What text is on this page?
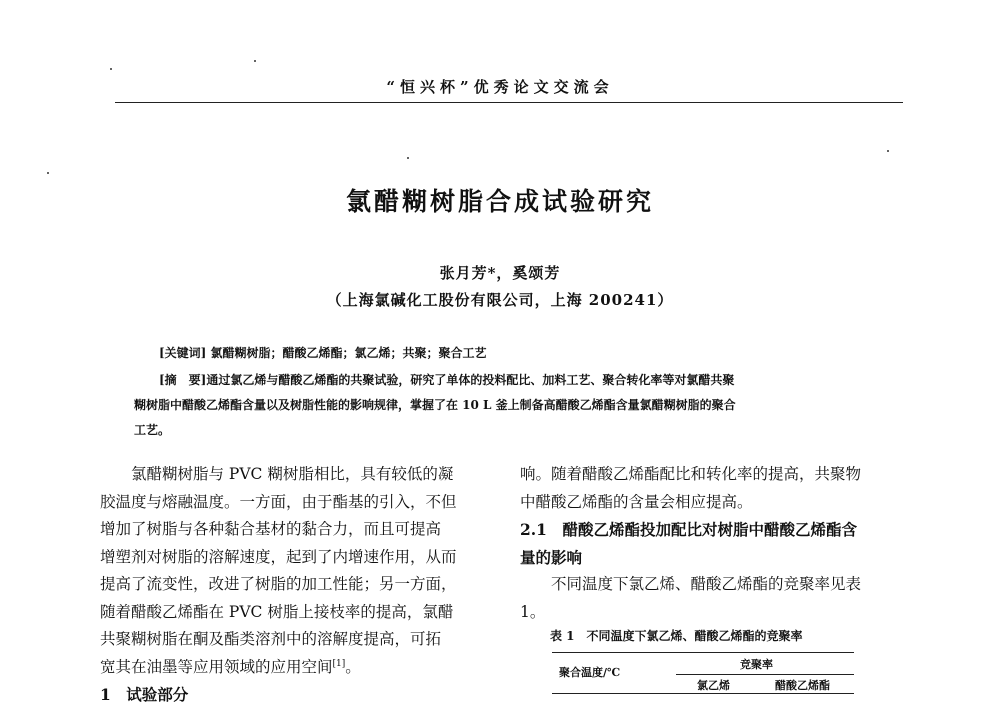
“恒兴杯”优秀论文交流会
氯醋糊树脂合成试验研究
张月芳*，奚颂芳
（上海氯碱化工股份有限公司，上海 200241）
[关键词] 氯醋糊树脂；醋酸乙烯酯；氯乙烯；共聚；聚合工艺
[摘　要]通过氯乙烯与醋酸乙烯酯的共聚试验，研究了单体的投料配比、加料工艺、聚合转化率等对氯醋共聚
糊树脂中醋酸乙烯酯含量以及树脂性能的影响规律，掌握了在 10 L 釜上制备高醋酸乙烯酯含量氯醋糊树脂的聚合
工艺。
　　氯醋糊树脂与 PVC 糊树脂相比，具有较低的凝
胶温度与熔融温度。一方面，由于酯基的引入，不但
增加了树脂与各种黏合基材的黏合力，而且可提高
增塑剂对树脂的溶解速度，起到了内增速作用，从而
提高了流变性，改进了树脂的加工性能；另一方面，
随着醋酸乙烯酯在 PVC 树脂上接枝率的提高，氯醋
共聚糊树脂在酮及酯类溶剂中的溶解度提高，可拓
宽其在油墨等应用领域的应用空间[1]。
1　试验部分
响。随着醋酸乙烯酯配比和转化率的提高，共聚物
中醋酸乙烯酯的含量会相应提高。
2.1　醋酸乙烯酯投加配比对树脂中醋酸乙烯酯含
量的影响
　　不同温度下氯乙烯、醋酸乙烯酯的竞聚率见表
1。
表 1　不同温度下氯乙烯、醋酸乙烯酯的竞聚率
聚合温度/℃
竞聚率
氯乙烯	醋酸乙烯酯
